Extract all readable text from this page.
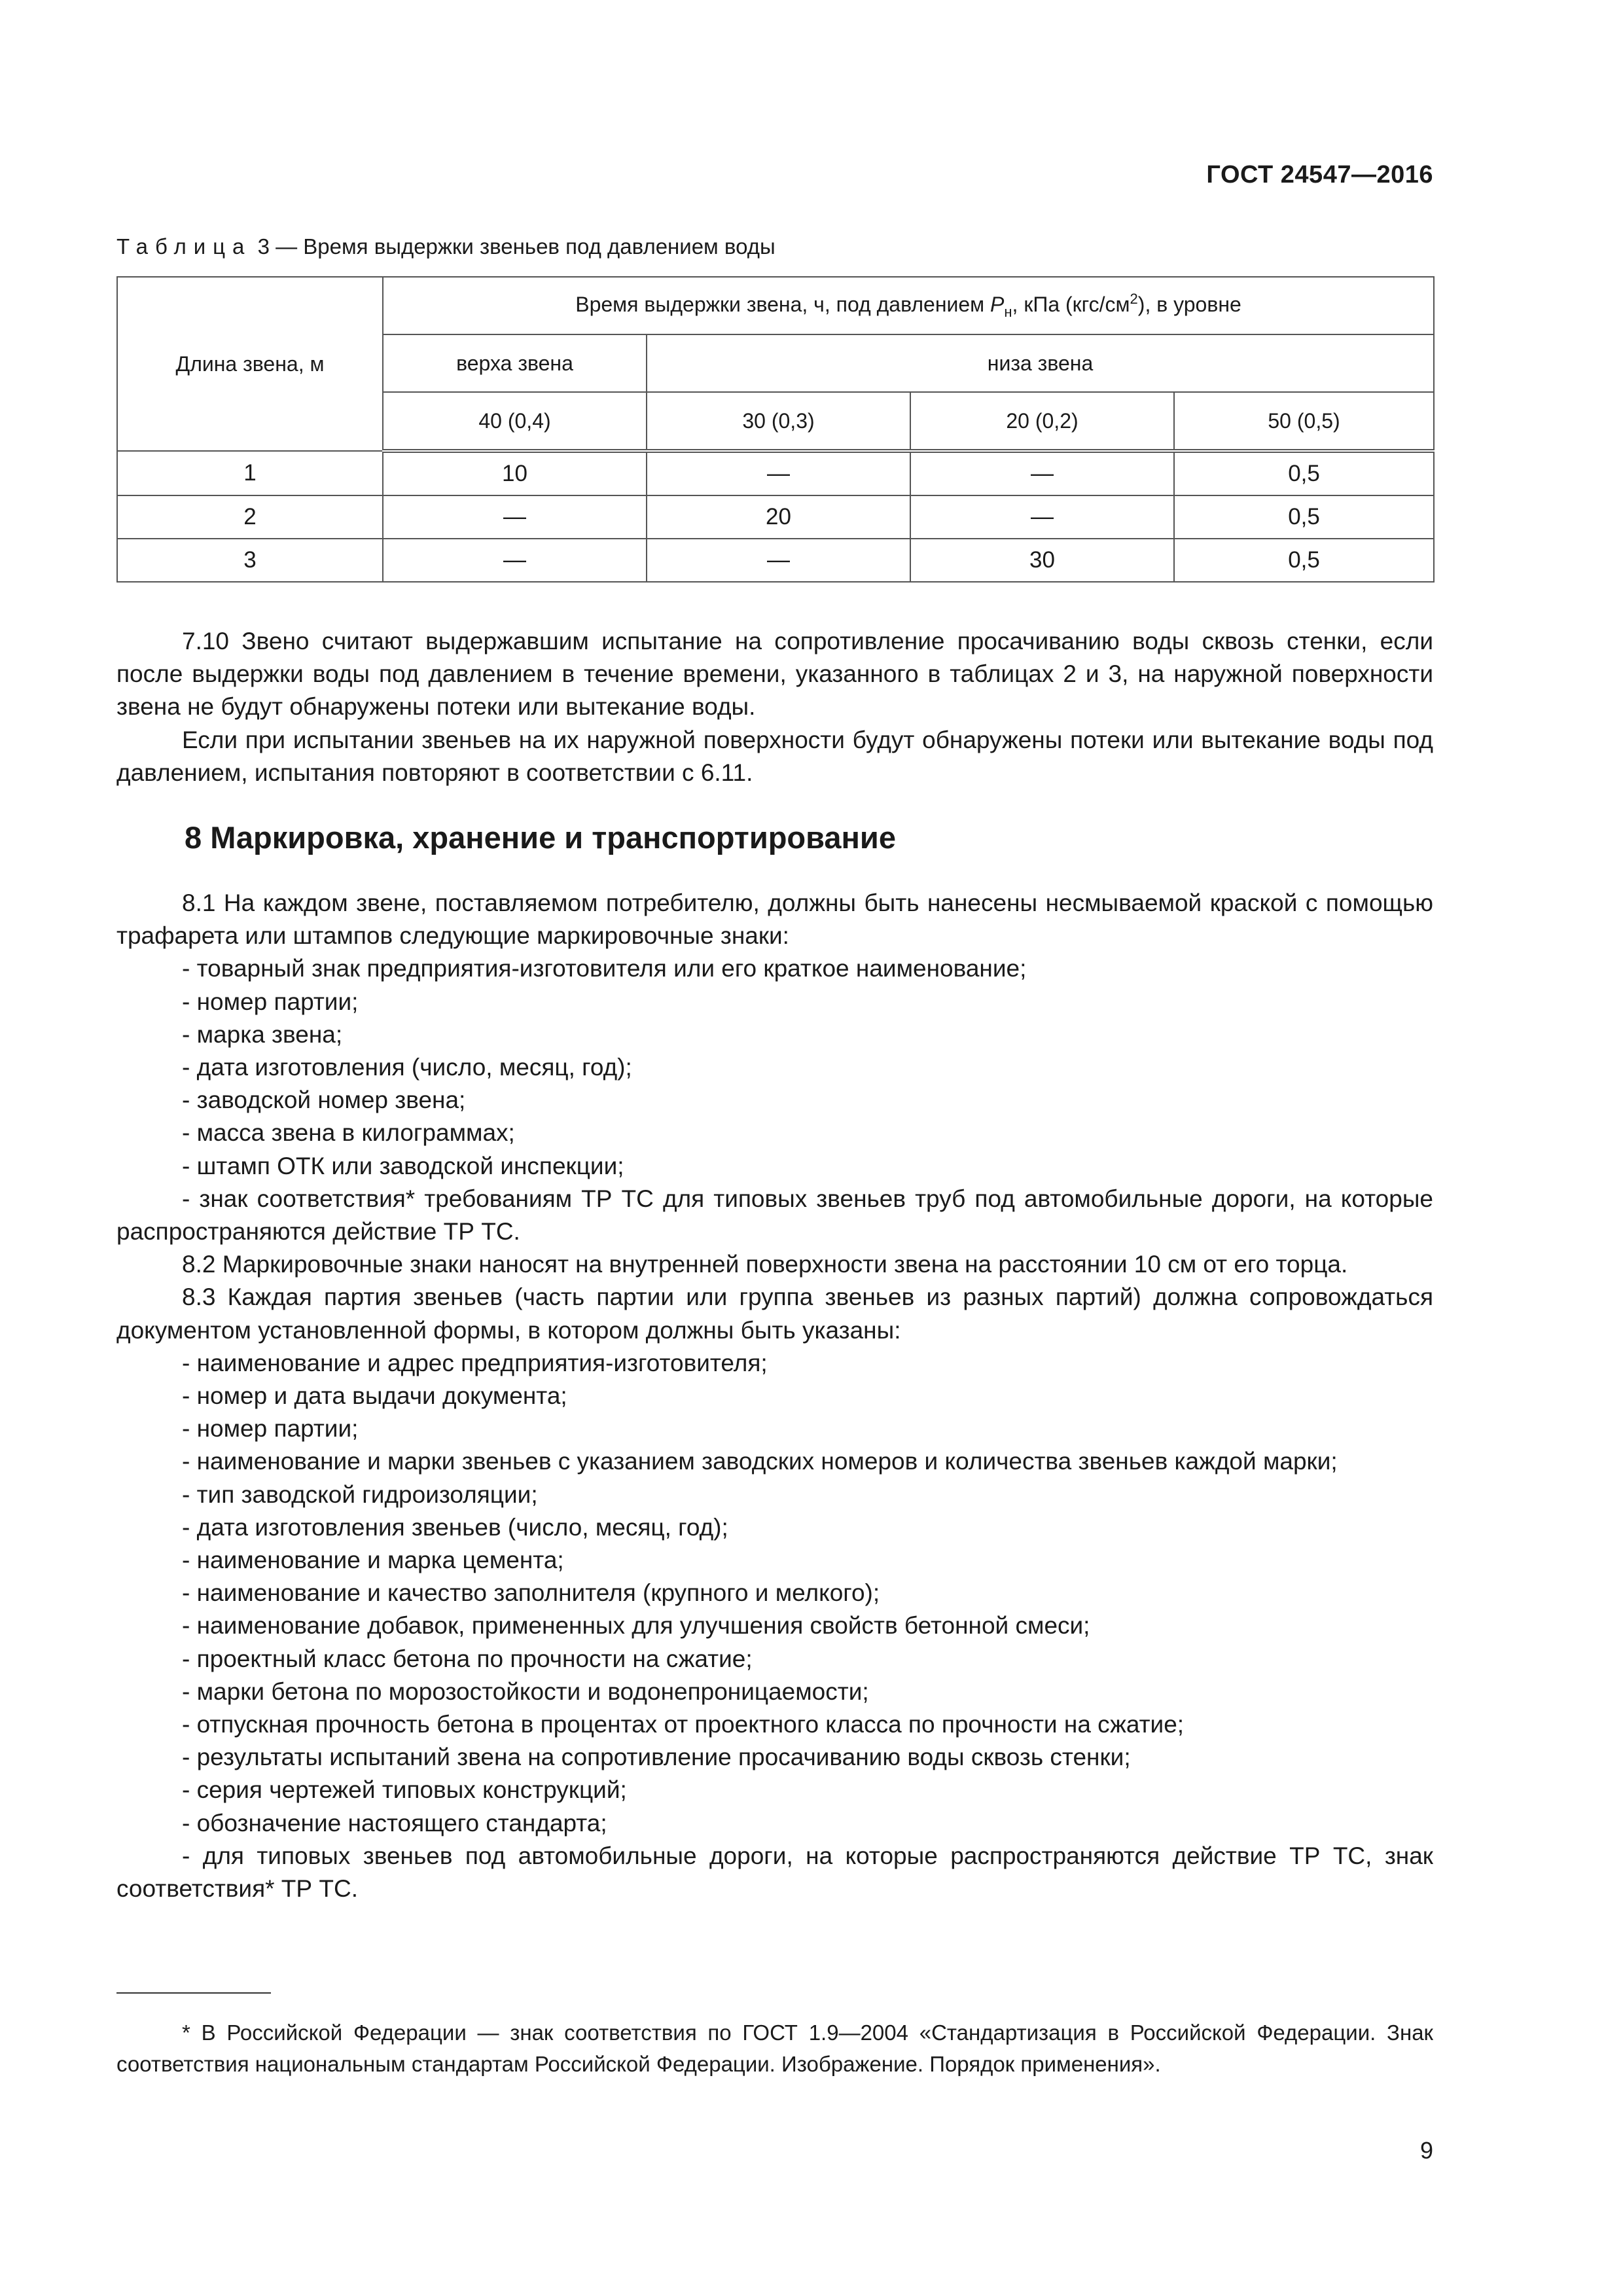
ГОСТ 24547—2016
Таблица 3 — Время выдержки звеньев под давлением воды
Длина звена, м	Время выдержки звена, ч, под давлением $P_н$, кПа $(кгс/см^2)$, в уровне			
	верха звена	низа звена		
	40 (0,4)	30 (0,3)	20 (0,2)	50 (0,5)
1	10	—	—	0,5
2	—	20	—	0,5
3	—	—	30	0,5
7.10 Звено считают выдержавшим испытание на сопротивление просачиванию воды сквозь стенки, если после выдержки воды под давлением в течение времени, указанного в таблицах 2 и 3, на наружной поверхности звена не будут обнаружены потеки или вытекание воды.
Если при испытании звеньев на их наружной поверхности будут обнаружены потеки или вытекание воды под давлением, испытания повторяют в соответствии с 6.11.
8 Маркировка, хранение и транспортирование
8.1 На каждом звене, поставляемом потребителю, должны быть нанесены несмываемой краской с помощью трафарета или штампов следующие маркировочные знаки:
- товарный знак предприятия-изготовителя или его краткое наименование;
- номер партии;
- марка звена;
- дата изготовления (число, месяц, год);
- заводской номер звена;
- масса звена в килограммах;
- штамп ОТК или заводской инспекции;
- знак соответствия* требованиям ТР ТС для типовых звеньев труб под автомобильные дороги, на которые распространяются действие ТР ТС.
8.2 Маркировочные знаки наносят на внутренней поверхности звена на расстоянии 10 см от его торца.
8.3 Каждая партия звеньев (часть партии или группа звеньев из разных партий) должна сопровождаться документом установленной формы, в котором должны быть указаны:
- наименование и адрес предприятия-изготовителя;
- номер и дата выдачи документа;
- номер партии;
- наименование и марки звеньев с указанием заводских номеров и количества звеньев каждой марки;
- тип заводской гидроизоляции;
- дата изготовления звеньев (число, месяц, год);
- наименование и марка цемента;
- наименование и качество заполнителя (крупного и мелкого);
- наименование добавок, примененных для улучшения свойств бетонной смеси;
- проектный класс бетона по прочности на сжатие;
- марки бетона по морозостойкости и водонепроницаемости;
- отпускная прочность бетона в процентах от проектного класса по прочности на сжатие;
- результаты испытаний звена на сопротивление просачиванию воды сквозь стенки;
- серия чертежей типовых конструкций;
- обозначение настоящего стандарта;
- для типовых звеньев под автомобильные дороги, на которые распространяются действие ТР ТС, знак соответствия* ТР ТС.
* В Российской Федерации — знак соответствия по ГОСТ 1.9—2004 «Стандартизация в Российской Федерации. Знак соответствия национальным стандартам Российской Федерации. Изображение. Порядок применения».
9
